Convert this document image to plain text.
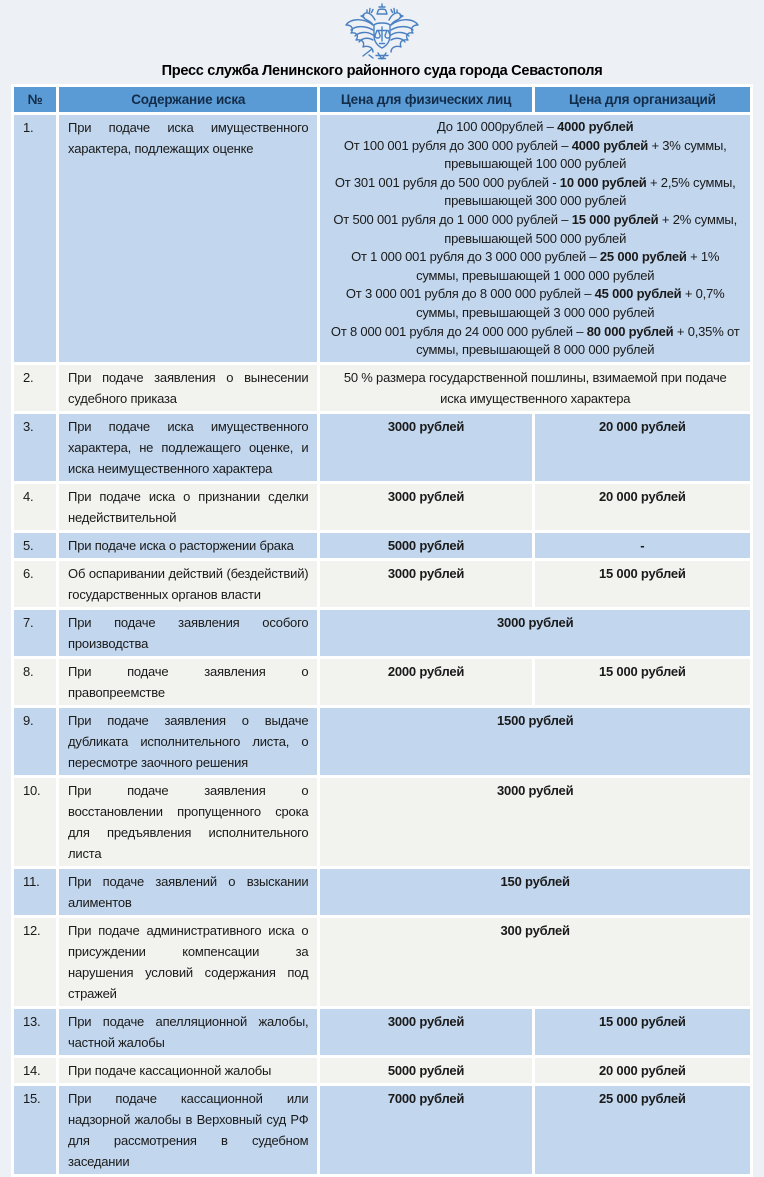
Пресс служба Ленинского районного суда города Севастополя
№	Содержание иска	Цена для физических лиц	Цена для организаций
1.	При подаче иска имущественного характера, подлежащих оценке	
До 100 000рублей – 4000 рублей
От 100 001 рубля до 300 000 рублей – 4000 рублей + 3% суммы, превышающей 100 000 рублей
От 301 001 рубля до 500 000 рублей - 10 000 рублей + 2,5% суммы, превышающей 300 000 рублей
От 500 001 рубля до 1 000 000 рублей – 15 000 рублей + 2% суммы, превышающей 500 000 рублей
От 1 000 001 рубля до 3 000 000 рублей – 25 000 рублей + 1% суммы, превышающей 1 000 000 рублей
От 3 000 001 рубля до 8 000 000 рублей – 45 000 рублей + 0,7% суммы, превышающей 3 000 000 рублей
От 8 000 001 рубля до 24 000 000 рублей – 80 000 рублей + 0,35% от суммы, превышающей 8 000 000 рублей

2.	При подаче заявления о вынесении судебного приказа	50 % размера государственной пошлины, взимаемой при подаче иска имущественного характера	
3.	При подаче иска имущественного характера, не подлежащего оценке, и иска неимущественного характера	3000 рублей	20 000 рублей
4.	При подаче иска о признании сделки недействительной	3000 рублей	20 000 рублей
5.	При подаче иска о расторжении брака	5000 рублей	-
6.	Об оспаривании действий (бездействий) государственных органов власти	3000 рублей	15 000 рублей
7.	При подаче заявления особого производства	3000 рублей	
8.	При подаче заявления о правопреемстве	2000 рублей	15 000 рублей
9.	При подаче заявления о выдаче дубликата исполнительного листа, о пересмотре заочного решения	1500 рублей	
10.	При подаче заявления о восстановлении пропущенного срока для предъявления исполнительного листа	3000 рублей	
11.	При подаче заявлений о взыскании алиментов	150 рублей	
12.	При подаче административного иска о присуждении компенсации за нарушения условий содержания под стражей	300 рублей	
13.	При подаче апелляционной жалобы, частной жалобы	3000 рублей	15 000 рублей
14.	При подаче кассационной жалобы	5000 рублей	20 000 рублей
15.	При подаче кассационной или надзорной жалобы в Верховный суд РФ для рассмотрения в судебном заседании	7000 рублей	25 000 рублей
